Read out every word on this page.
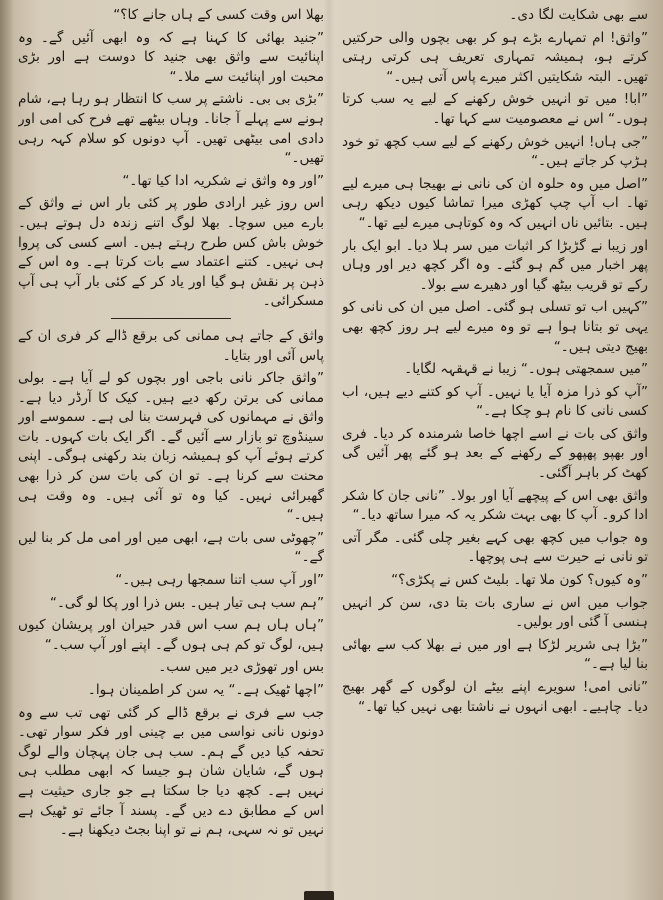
سے بھی شکایت لگا دی۔

”واثق! ام تمہارے بڑے ہو کر بھی بچوں والی حرکتیں کرتے ہو، ہمیشہ تمہاری تعریف ہی کرتی رہتی تھیں۔ البتہ شکایتیں اکثر میرے پاس آتی ہیں۔“

”ابا! میں تو انہیں خوش رکھنے کے لیے یہ سب کرتا ہوں۔“ اس نے معصومیت سے کہا تھا۔

”جی ہاں! انہیں خوش رکھنے کے لیے سب کچھ تو خود ہڑپ کر جاتے ہیں۔“

”اصل میں وہ حلوہ ان کی نانی نے بھیجا ہی میرے لیے تھا۔ اب آپ چپ کھڑی میرا تماشا کیوں دیکھ رہی ہیں۔ بتائیں ناں انہیں کہ وہ کوتاہی میرے لیے تھا۔“

اور زیبا نے گڑبڑا کر اثبات میں سر ہلا دیا۔ ابو ایک بار پھر اخبار میں گم ہو گئے۔ وہ اگر کچھ دیر اور وہاں رکے تو قریب بیٹھ گیا اور دھیرے سے بولا۔

”کہیں اب تو تسلی ہو گئی۔ اصل میں ان کی نانی کو یہی تو بتانا ہوا ہے تو وہ میرے لیے ہر روز کچھ بھی بھیج دیتی ہیں۔“

”میں سمجھتی ہوں۔“ زیبا نے قہقہہ لگایا۔

”آپ کو ذرا مزہ آیا یا نہیں۔ آپ کو کتنے دیے ہیں، اب کسی نانی کا نام ہو چکا ہے۔“

واثق کی بات نے اسے اچھا خاصا شرمندہ کر دیا۔ فری اور بھپو پھپھو کے رکھنے کے بعد ہو گئے پھر آئیں گی کھٹ کر باہر آگئی۔

واثق بھی اس کے پیچھے آیا اور بولا۔ ”نانی جان کا شکر ادا کرو۔ آپ کا بھی بہت شکر یہ کہ میرا ساتھ دیا۔“

وہ جواب میں کچھ بھی کہے بغیر چلی گئی۔ مگر آتی تو نانی نے حیرت سے ہی پوچھا۔

”وہ کیوں؟ کون ملا تھا۔ بلیٹ کس نے پکڑی؟“

جواب میں اس نے ساری بات بتا دی، سن کر انہیں ہنسی آ گئی اور بولیں۔

”بڑا ہی شریر لڑکا ہے اور میں نے بھلا کب سے بھائی بنا لیا ہے۔“

”نانی امی! سویرے اپنے بیٹے ان لوگوں کے گھر بھیج دیا۔ چاہیے۔ ابھی انہوں نے ناشتا بھی نہیں کیا تھا۔“

بھلا اس وقت کسی کے ہاں جانے کا؟“

”جنید بھائی کا کہنا ہے کہ وہ ابھی آئیں گے۔ وہ اپنائیت سے واثق بھی جنید کا دوست ہے اور بڑی محبت اور اپنائیت سے ملا۔“

”بڑی بی بی۔ ناشتے پر سب کا انتظار ہو رہا ہے، شام ہونے سے پہلے آ جانا۔ وہاں بیٹھے تھے فرح کی امی اور دادی امی بیٹھی تھیں۔ آپ دونوں کو سلام کہہ رہی تھیں۔“

”اور وہ واثق نے شکریہ ادا کیا تھا۔“

اس روز غیر ارادی طور پر کئی بار اس نے واثق کے بارے میں سوچا۔ بھلا لوگ اتنے زندہ دل ہوتے ہیں۔ خوش باش کس طرح رہتے ہیں۔ اسے کسی کی پروا ہی نہیں۔ کتنے اعتماد سے بات کرتا ہے۔ وہ اس کے ذہن پر نقش ہو گیا اور یاد کر کے کئی بار آپ ہی آپ مسکرائی۔

واثق کے جاتے ہی ممانی کی برقع ڈالے کر فری ان کے پاس آئی اور بتایا۔

”واثق جاکر نانی باجی اور بچوں کو لے آیا ہے۔ بولی ممانی کی برتن رکھ دیے ہیں۔ کیک کا آرڈر دیا ہے۔ واثق نے مہمانوں کی فہرست بنا لی ہے۔ سموسے اور سینڈوچ تو بازار سے آئیں گے۔ اگر ایک بات کہوں۔ بات کرتے ہوئے آپ کو ہمیشہ زبان بند رکھنی ہوگی۔ اپنی محنت سے کرنا ہے۔ تو ان کی بات سن کر ذرا بھی گھبرائی نہیں۔ کیا وہ تو آئی ہیں۔ وہ وقت ہی ہیں۔“

”چھوٹی سی بات ہے، ابھی میں اور امی مل کر بنا لیں گے۔“

”اور آپ سب اتنا سمجھا رہی ہیں۔“

”ہم سب ہی تیار ہیں۔ بس ذرا اور پکا لو گی۔“

”ہاں ہاں ہم سب اس قدر حیران اور پریشان کیوں ہیں، لوگ تو کم ہی ہوں گے۔ اپنے اور آپ سب۔“

بس اور تھوڑی دیر میں سب۔

”اچھا ٹھیک ہے۔“ یہ سن کر اطمینان ہوا۔

جب سے فری نے برقع ڈالے کر گئی تھی تب سے وہ دونوں نانی نواسی میں بے چینی اور فکر سوار تھی۔ تحفہ کیا دیں گے ہم۔ سب ہی جان پہچان والے لوگ ہوں گے، شایان شان ہو جیسا کہ ابھی مطلب ہی نہیں ہے۔ کچھ دیا جا سکتا ہے جو جاری حیثیت ہے اس کے مطابق دے دیں گے۔ پسند آ جائے تو ٹھیک ہے نہیں تو نہ سہی، ہم نے تو اپنا بجٹ دیکھنا ہے۔
